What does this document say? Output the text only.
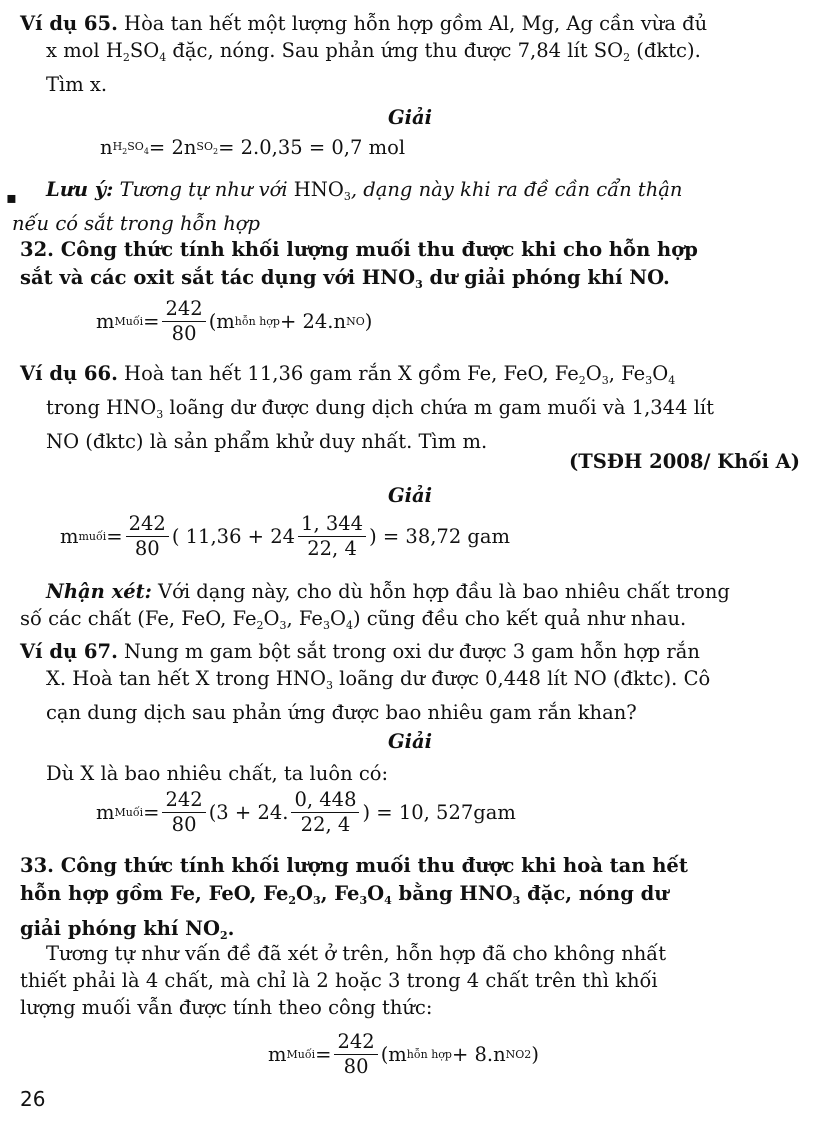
Ví dụ 65. Hòa tan hết một lượng hỗn hợp gồm Al, Mg, Ag cần vừa đủ
x mol $H_2SO_4$ đặc, nóng. Sau phản ứng thu được 7,84 lít $SO_2$ (đktc).
Tìm x.
Giải
n $H_2SO_4 = 2n$ $SO_2 = 2.0,35 = 0,7$ mol
▪	Lưu ý: Tương tự như với $HNO_3$, dạng này khi ra đề cần cẩn thận
nếu có sắt trong hỗn hợp
32. Công thức tính khối lượng muối thu được khi cho hỗn hợp
sắt và các oxit sắt tác dụng với $HNO_3$ dư giải phóng khí NO.
m Muối = $\frac{242}{80} (m$ hỗn hợp + 24.n NO )
Ví dụ 66. Hoà tan hết 11,36 gam rắn X gồm Fe, FeO, $Fe_2O_3$, $Fe_3O_4$
trong $HNO_3$ loãng dư được dung dịch chứa m gam muối và 1,344 lít
NO (đktc) là sản phẩm khử duy nhất. Tìm m.
(TSĐH 2008/ Khối A)
Giải
m muối = $\frac{242}{80}$ ( $11,36 + 24 \frac{1, 344}{22, 4}$ ) = 38,72 gam
Nhận xét: Với dạng này, cho dù hỗn hợp đầu là bao nhiêu chất trong
số các chất (Fe, FeO, $Fe_2O_3$, $Fe_3O_4$) cũng đều cho kết quả như nhau.
Ví dụ 67. Nung m gam bột sắt trong oxi dư được 3 gam hỗn hợp rắn
X. Hoà tan hết X trong $HNO_3$ loãng dư được 0,448 lít NO (đktc). Cô
cạn dung dịch sau phản ứng được bao nhiêu gam rắn khan?
Giải
Dù X là bao nhiêu chất, ta luôn có:
m Muối = $\frac{242}{80} (3 + 24$. $\frac{0, 448}{22, 4}$ ) = 10, 527gam
33. Công thức tính khối lượng muối thu được khi hoà tan hết
hỗn hợp gồm Fe, FeO, $Fe_2O_3$, $Fe_3O_4$ bằng $HNO_3$ đặc, nóng dư
giải phóng khí $NO_2$.
Tương tự như vấn đề đã xét ở trên, hỗn hợp đã cho không nhất
thiết phải là 4 chất, mà chỉ là 2 hoặc 3 trong 4 chất trên thì khối
lượng muối vẫn được tính theo công thức:
m Muối = $\frac{242}{80} (m$ hỗn hợp + 8.n NO2 )
26
